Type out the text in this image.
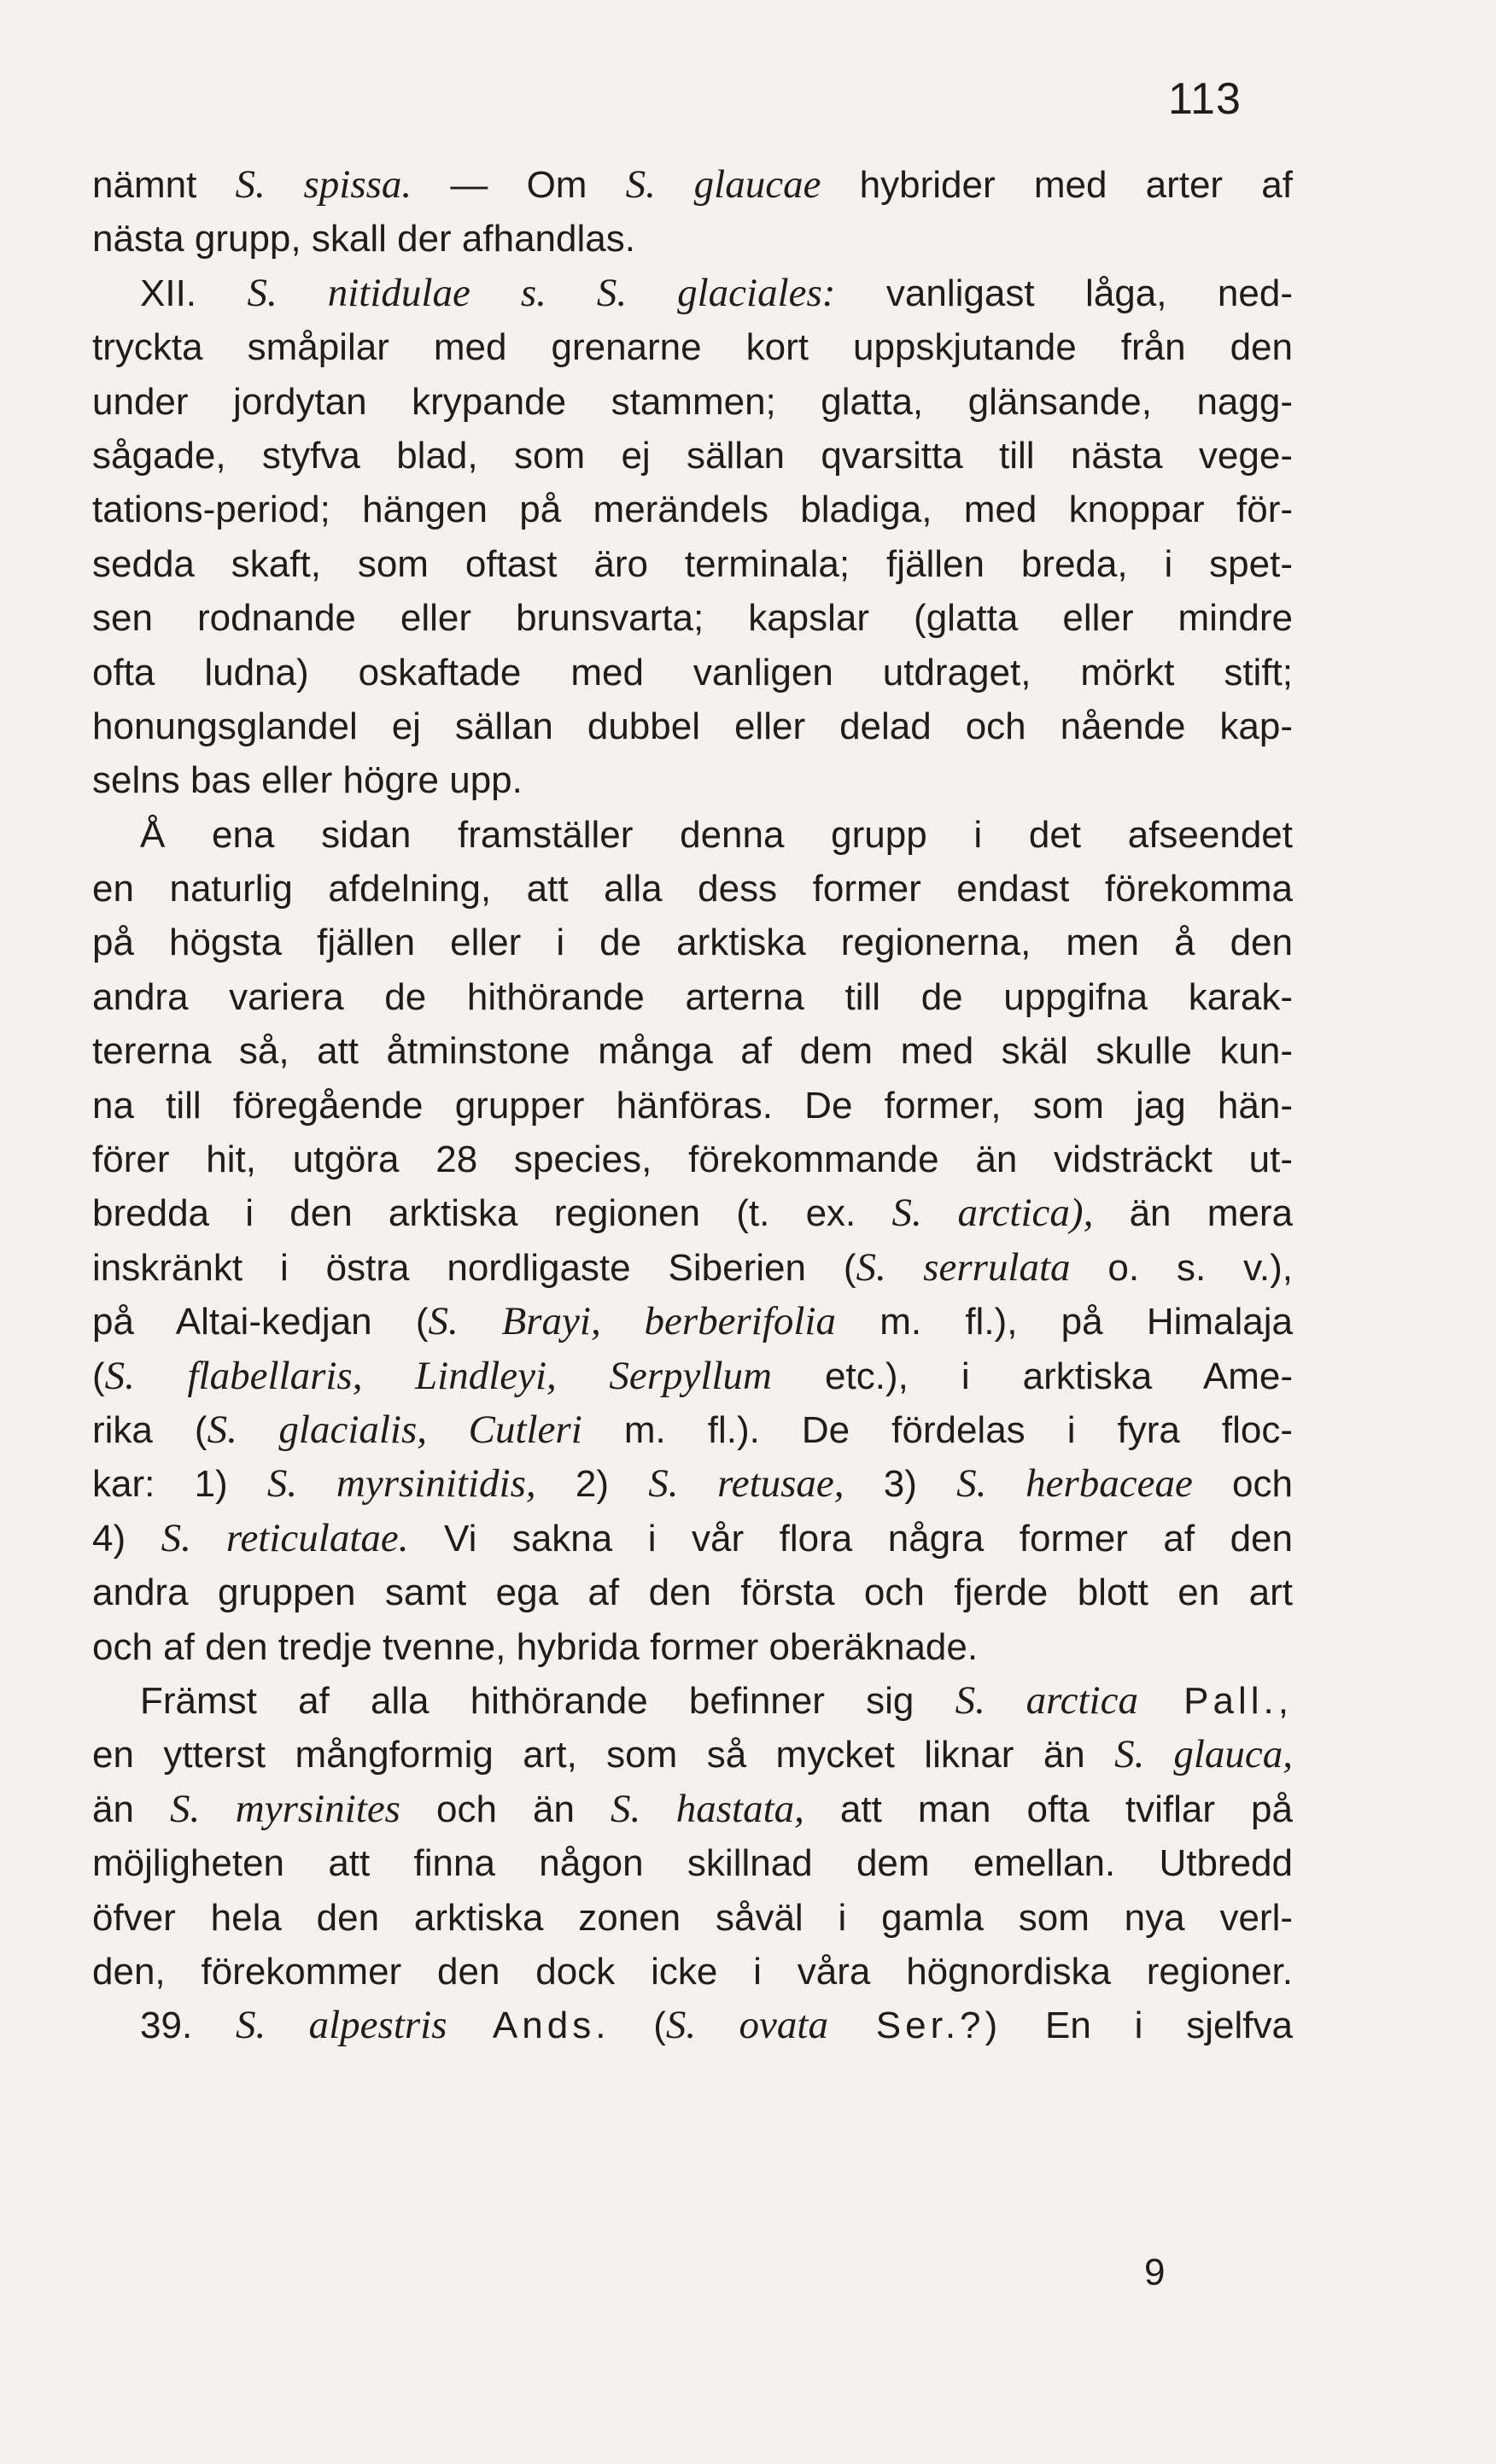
113
nämnt S. spissa. — Om S. glaucae hybrider med arter af
nästa grupp, skall der afhandlas.
XII. S. nitidulae s. S. glaciales: vanligast låga, ned-
tryckta småpilar med grenarne kort uppskjutande från den
under jordytan krypande stammen; glatta, glänsande, nagg-
sågade, styfva blad, som ej sällan qvarsitta till nästa vege-
tations-period; hängen på merändels bladiga, med knoppar för-
sedda skaft, som oftast äro terminala; fjällen breda, i spet-
sen rodnande eller brunsvarta; kapslar (glatta eller mindre
ofta ludna) oskaftade med vanligen utdraget, mörkt stift;
honungsglandel ej sällan dubbel eller delad och nående kap-
selns bas eller högre upp.
Å ena sidan framställer denna grupp i det afseendet
en naturlig afdelning, att alla dess former endast förekomma
på högsta fjällen eller i de arktiska regionerna, men å den
andra variera de hithörande arterna till de uppgifna karak-
tererna så, att åtminstone många af dem med skäl skulle kun-
na till föregående grupper hänföras. De former, som jag hän-
förer hit, utgöra 28 species, förekommande än vidsträckt ut-
bredda i den arktiska regionen (t. ex. S. arctica), än mera
inskränkt i östra nordligaste Siberien (S. serrulata o. s. v.),
på Altai-kedjan (S. Brayi, berberifolia m. fl.), på Himalaja
(S. flabellaris, Lindleyi, Serpyllum etc.), i arktiska Ame-
rika (S. glacialis, Cutleri m. fl.). De fördelas i fyra floc-
kar: 1) S. myrsinitidis, 2) S. retusae, 3) S. herbaceae och
4) S. reticulatae. Vi sakna i vår flora några former af den
andra gruppen samt ega af den första och fjerde blott en art
och af den tredje tvenne, hybrida former oberäknade.
Främst af alla hithörande befinner sig S. arctica Pall.,
en ytterst mångformig art, som så mycket liknar än S. glauca,
än S. myrsinites och än S. hastata, att man ofta tviflar på
möjligheten att finna någon skillnad dem emellan. Utbredd
öfver hela den arktiska zonen såväl i gamla som nya verl-
den, förekommer den dock icke i våra högnordiska regioner.
39. S. alpestris Ands. (S. ovata Ser.?) En i sjelfva
9
